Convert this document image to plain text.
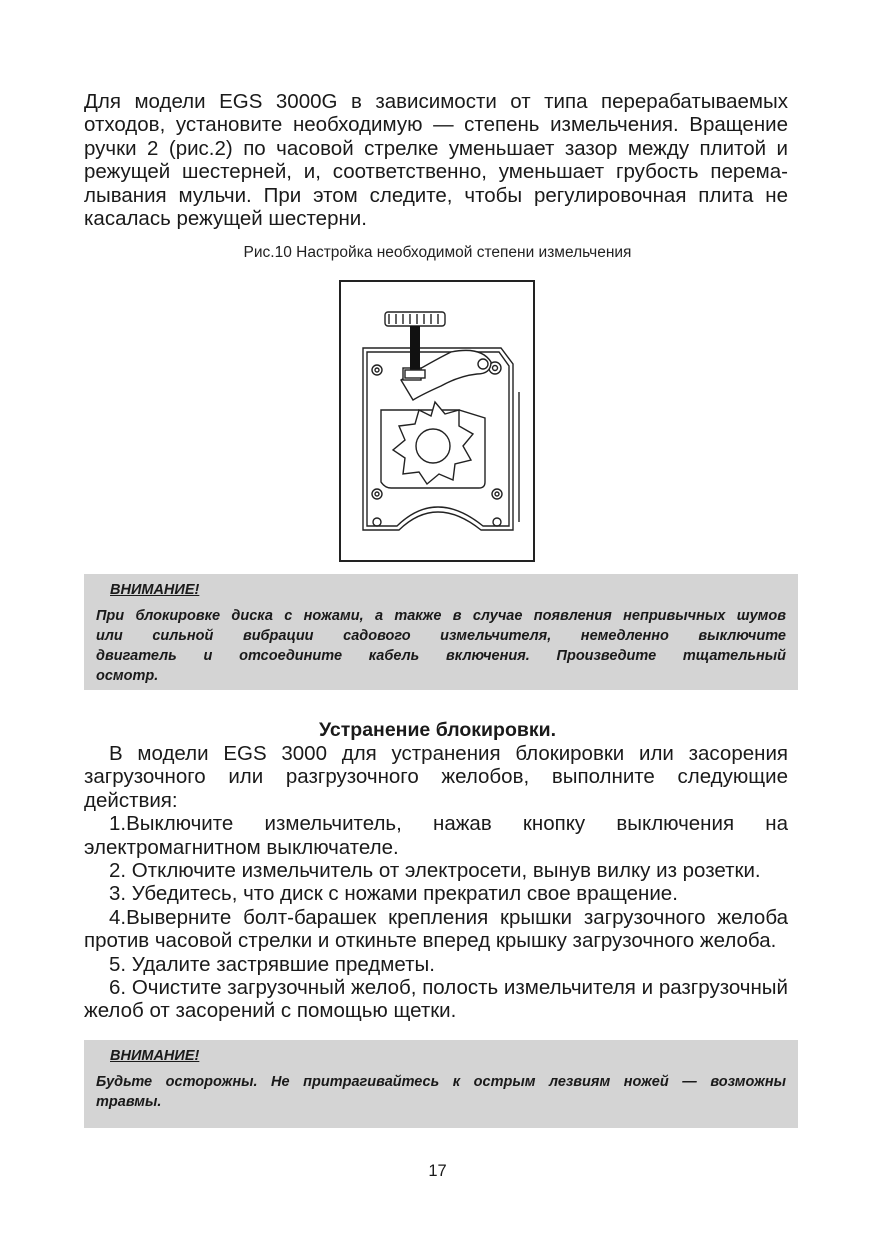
Для модели EGS 3000G в зависимости от типа перерабатываемых
отходов, установите необходимую — степень измельчения. Вращение
ручки 2 (рис.2) по часовой стрелке уменьшает зазор между плитой и
режущей шестерней, и, соответственно, уменьшает грубость перема-
лывания мульчи. При этом следите, чтобы регулировочная плита не
касалась режущей шестерни.
Рис.10 Настройка необходимой степени измельчения
ВНИМАНИЕ!
При блокировке диска с ножами, а также в случае появления непривычных шумов
или сильной вибрации садового измельчителя, немедленно выключите
двигатель и отсоедините кабель включения. Произведите тщательный
осмотр.
Устранение блокировки.
В модели EGS 3000 для устранения блокировки или засорения
загрузочного или разгрузочного желобов, выполните следующие
действия:
1.Выключите измельчитель, нажав кнопку выключения на
электромагнитном выключателе.
2. Отключите измельчитель от электросети, вынув вилку из розетки.
3. Убедитесь, что диск с ножами прекратил свое вращение.
4.Выверните болт-барашек крепления крышки загрузочного желоба
против часовой стрелки и откиньте вперед крышку загрузочного желоба.
5. Удалите застрявшие предметы.
6. Очистите загрузочный желоб, полость измельчителя и разгрузочный
желоб от засорений с помощью щетки.
ВНИМАНИЕ!
Будьте осторожны. Не притрагивайтесь к острым лезвиям ножей — возможны
травмы.
17
